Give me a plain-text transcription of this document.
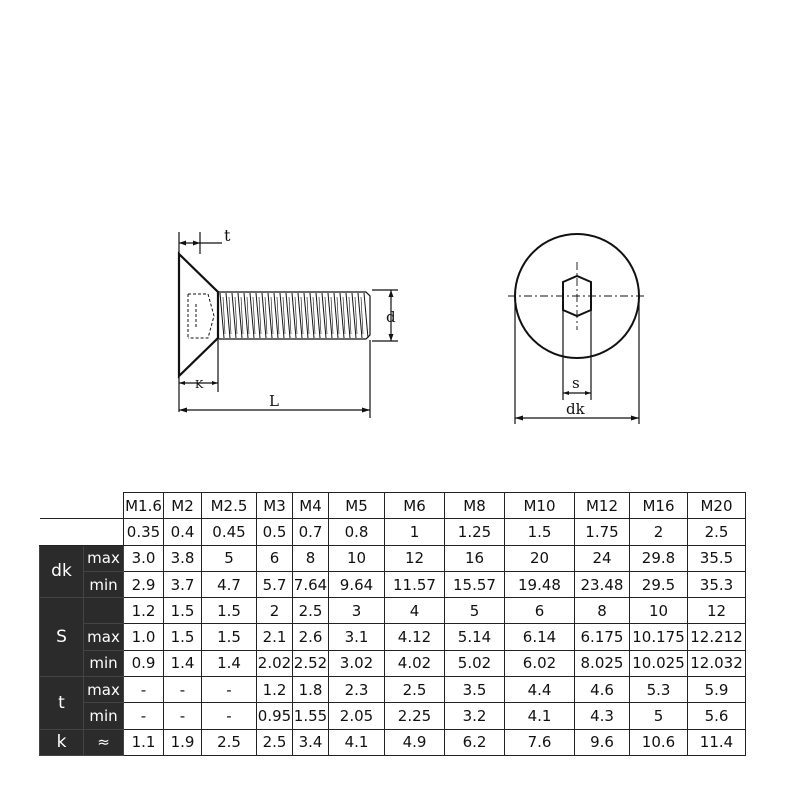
t
d
K
L
s
dk
		M1.6	M2	M2.5	M3	M4	M5	M6	M8	M10	M12	M16	M20
		0.35	0.4	0.45	0.5	0.7	0.8	1	1.25	1.5	1.75	2	2.5
dk	max	3.0	3.8	5	6	8	10	12	16	20	24	29.8	35.5
	min	2.9	3.7	4.7	5.7	7.64	9.64	11.57	15.57	19.48	23.48	29.5	35.3
S		1.2	1.5	1.5	2	2.5	3	4	5	6	8	10	12
	max	1.0	1.5	1.5	2.1	2.6	3.1	4.12	5.14	6.14	6.175	10.175	12.212
	min	0.9	1.4	1.4	2.02	2.52	3.02	4.02	5.02	6.02	8.025	10.025	12.032
t	max	-	-	-	1.2	1.8	2.3	2.5	3.5	4.4	4.6	5.3	5.9
	min	-	-	-	0.95	1.55	2.05	2.25	3.2	4.1	4.3	5	5.6
k	≈	1.1	1.9	2.5	2.5	3.4	4.1	4.9	6.2	7.6	9.6	10.6	11.4
